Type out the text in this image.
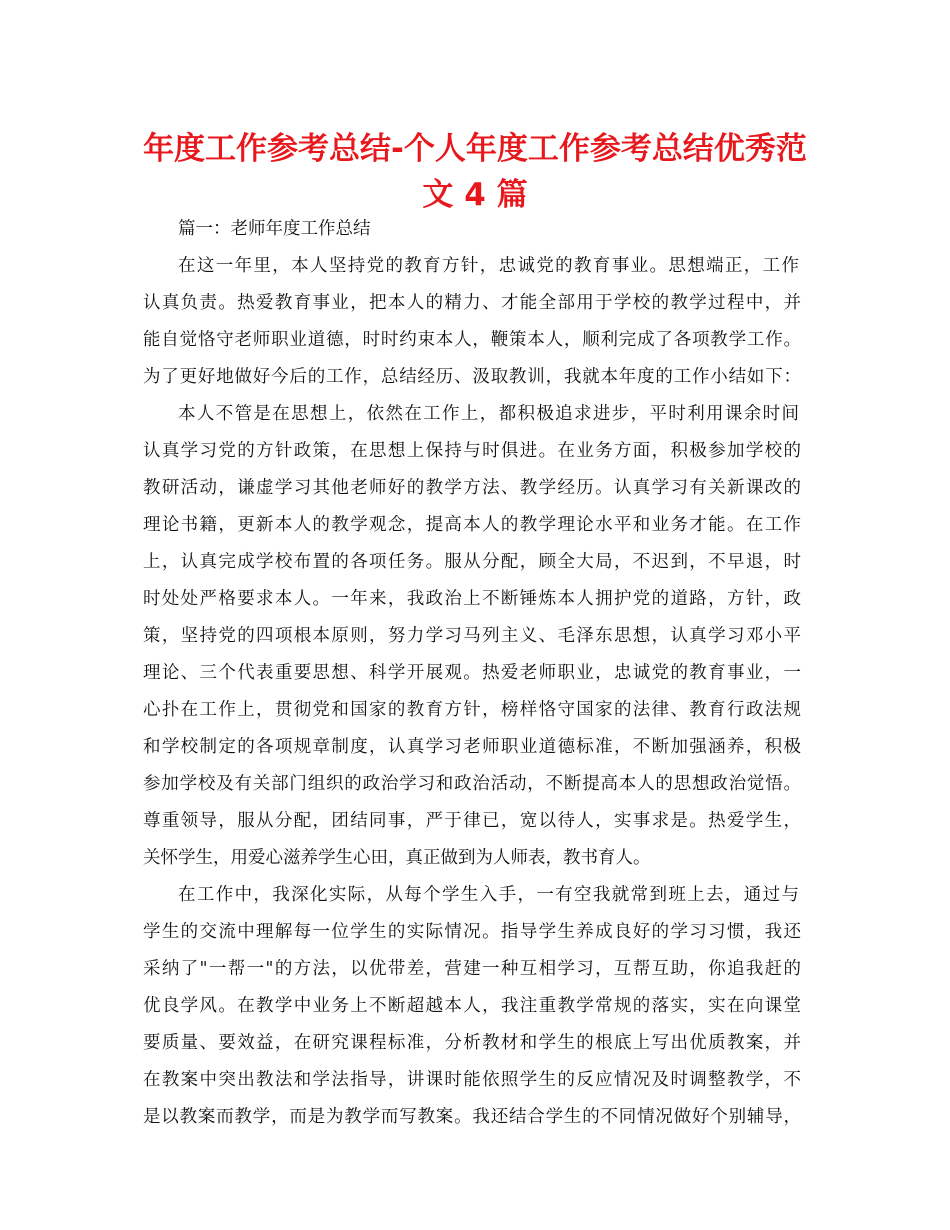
年度工作参考总结-个人年度工作参考总结优秀范
文 4 篇
篇一：老师年度工作总结
在这一年里，本人坚持党的教育方针，忠诚党的教育事业。思想端正，工作
认真负责。热爱教育事业，把本人的精力、才能全部用于学校的教学过程中，并
能自觉恪守老师职业道德，时时约束本人，鞭策本人，顺利完成了各项教学工作。
为了更好地做好今后的工作，总结经历、汲取教训，我就本年度的工作小结如下：
本人不管是在思想上，依然在工作上，都积极追求进步，平时利用课余时间
认真学习党的方针政策，在思想上保持与时俱进。在业务方面，积极参加学校的
教研活动，谦虚学习其他老师好的教学方法、教学经历。认真学习有关新课改的
理论书籍，更新本人的教学观念，提高本人的教学理论水平和业务才能。在工作
上，认真完成学校布置的各项任务。服从分配，顾全大局，不迟到，不早退，时
时处处严格要求本人。一年来，我政治上不断锤炼本人拥护党的道路，方针，政
策，坚持党的四项根本原则，努力学习马列主义、毛泽东思想，认真学习邓小平
理论、三个代表重要思想、科学开展观。热爱老师职业，忠诚党的教育事业，一
心扑在工作上，贯彻党和国家的教育方针，榜样恪守国家的法律、教育行政法规
和学校制定的各项规章制度，认真学习老师职业道德标准，不断加强涵养，积极
参加学校及有关部门组织的政治学习和政治活动，不断提高本人的思想政治觉悟。
尊重领导，服从分配，团结同事，严于律已，宽以待人，实事求是。热爱学生，
关怀学生，用爱心滋养学生心田，真正做到为人师表，教书育人。
在工作中，我深化实际，从每个学生入手，一有空我就常到班上去，通过与
学生的交流中理解每一位学生的实际情况。指导学生养成良好的学习习惯，我还
采纳了"一帮一"的方法，以优带差，营建一种互相学习，互帮互助，你追我赶的
优良学风。在教学中业务上不断超越本人，我注重教学常规的落实，实在向课堂
要质量、要效益，在研究课程标准，分析教材和学生的根底上写出优质教案，并
在教案中突出教法和学法指导，讲课时能依照学生的反应情况及时调整教学，不
是以教案而教学，而是为教学而写教案。我还结合学生的不同情况做好个别辅导，
